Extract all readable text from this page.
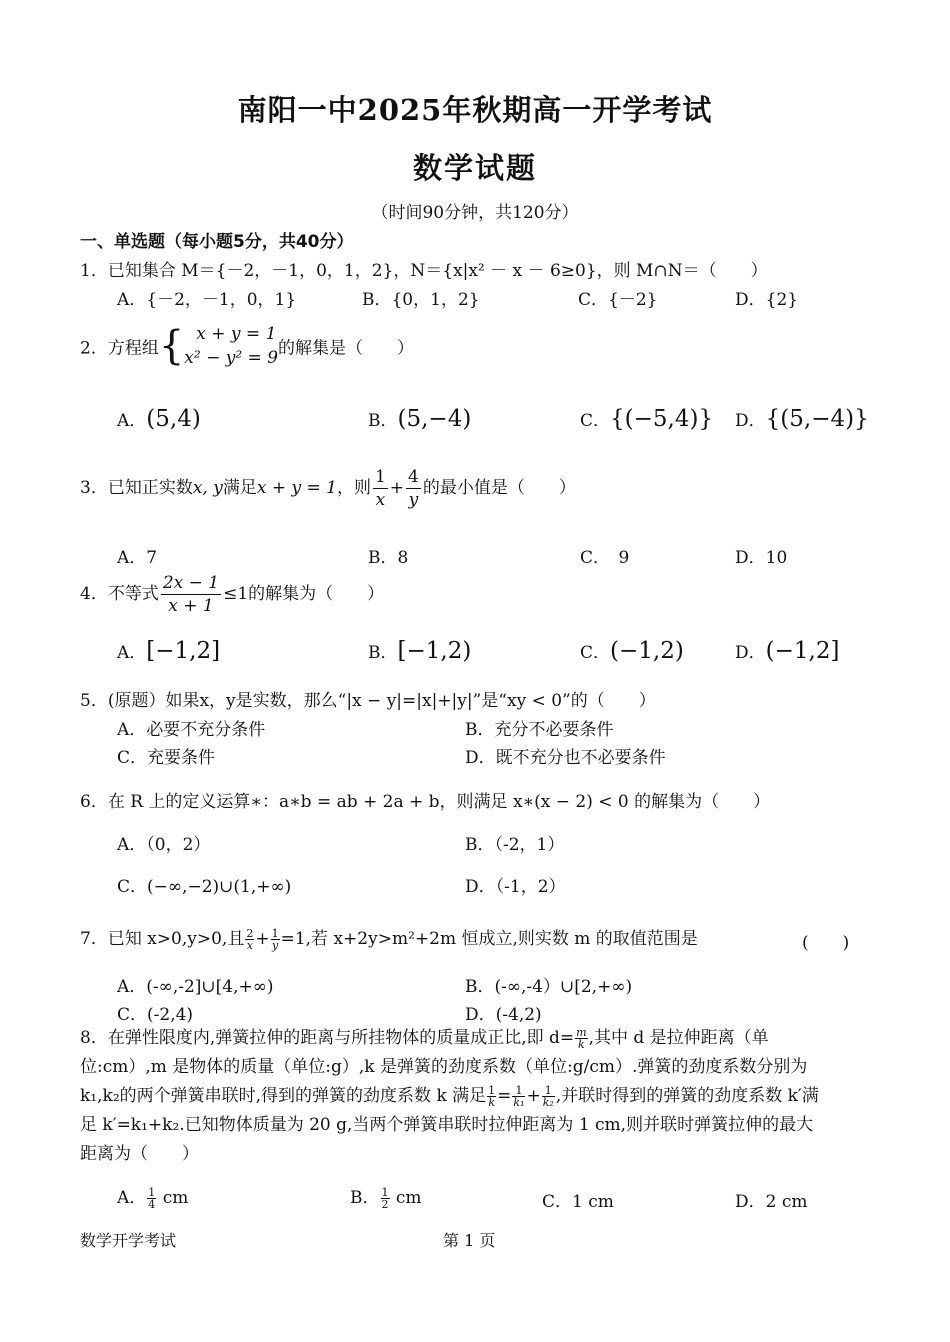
南阳一中2025年秋期高一开学考试
数学试题
（时间90分钟，共120分）
一、单选题（每小题5分，共40分）
1．已知集合 M＝{－2，－1，0，1，2}，N＝{x|x² － x － 6≥0}，则 M∩N＝（　　）
A．{－2，－1，0，1}	B．{0，1，2}	C．{－2}	D．{2}
2．方程组{ x + y = 1
x² − y² = 9 的解集是（　　）
A．(5,4)	B．(5,−4)	C．{(−5,4)} D．{(5,−4)}
3．已知正实数x, y满足x + y = 1，则 $\frac{1}{x} + \frac{4}{y}$ 的最小值是（　　）
A．7	B．8	C．　9	D．10
4．不等式 $\frac{2x - 1}{x + 1} \le 1$的解集为（　　）
A．[−1,2]	B．[−1,2)	C．(−1,2)	D．(−1,2]
5．(原题）如果x，y是实数，那么“|x − y|=|x|+|y|”是“xy < 0”的（　　）
A．必要不充分条件	B．充分不必要条件
C．充要条件	D．既不充分也不必要条件
6．在 R 上的定义运算∗：a∗b = ab + 2a + b，则满足 x∗(x − 2) < 0 的解集为（　　）
A．（0，2）	B．（-2，1）
C．(−∞,−2)∪(1,+∞)	D．（-1，2）
7．已知 x>0,y>0,且 $\frac{2}{x} + \frac{1}{y} =1$,若 x+2y>m²+2m 恒成立,则实数 m 的取值范围是	(　　)
A．(-∞,-2]∪[4,+∞)	B．(-∞,-4）∪[2,+∞)
C．(-2,4)	D．(-4,2)
8．在弹性限度内,弹簧拉伸的距离与所挂物体的质量成正比,即 $d= \frac{m}{k}$ ,其中 d 是拉伸距离（单
位:cm）,m 是物体的质量（单位:g）,k 是弹簧的劲度系数（单位:g/cm）.弹簧的劲度系数分别为
k₁,k₂的两个弹簧串联时,得到的弹簧的劲度系数 k 满足 $\frac{1}{k} = \frac{1}{\text{k₁}} + \frac{1}{\text{k₂}}$ ,并联时得到的弹簧的劲度系数 k′满
足 k′=k₁+k₂.已知物体质量为 20 g,当两个弹簧串联时拉伸距离为 1 cm,则并联时弹簧拉伸的最大
距离为（　　）
A． $\frac{1}{4}$ cm	B． $\frac{1}{2}$ cm	C．1 cm	D．2 cm
数学开学考试	第 1 页
